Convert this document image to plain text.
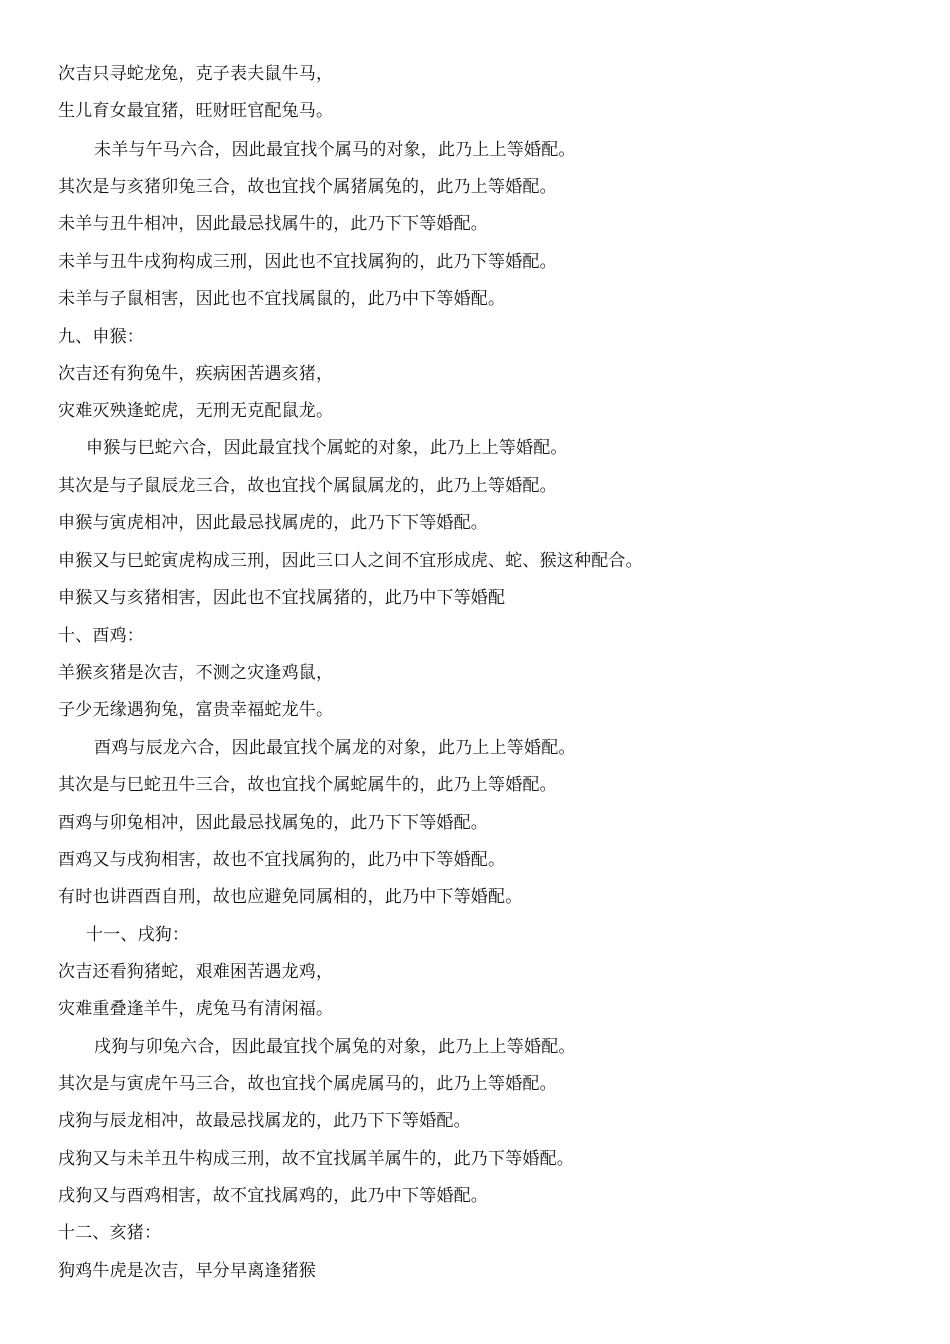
次吉只寻蛇龙兔，克子表夫鼠牛马，
生儿育女最宜猪，旺财旺官配兔马。
未羊与午马六合，因此最宜找个属马的对象，此乃上上等婚配。
其次是与亥猪卯兔三合，故也宜找个属猪属兔的，此乃上等婚配。
未羊与丑牛相冲，因此最忌找属牛的，此乃下下等婚配。
未羊与丑牛戌狗构成三刑，因此也不宜找属狗的，此乃下等婚配。
未羊与子鼠相害，因此也不宜找属鼠的，此乃中下等婚配。
九、申猴：
次吉还有狗兔牛，疾病困苦遇亥猪，
灾难灭殃逢蛇虎，无刑无克配鼠龙。
申猴与巳蛇六合，因此最宜找个属蛇的对象，此乃上上等婚配。
其次是与子鼠辰龙三合，故也宜找个属鼠属龙的，此乃上等婚配。
申猴与寅虎相冲，因此最忌找属虎的，此乃下下等婚配。
申猴又与巳蛇寅虎构成三刑，因此三口人之间不宜形成虎、蛇、猴这种配合。
申猴又与亥猪相害，因此也不宜找属猪的，此乃中下等婚配
十、酉鸡：
羊猴亥猪是次吉，不测之灾逢鸡鼠，
子少无缘遇狗兔，富贵幸福蛇龙牛。
酉鸡与辰龙六合，因此最宜找个属龙的对象，此乃上上等婚配。
其次是与巳蛇丑牛三合，故也宜找个属蛇属牛的，此乃上等婚配。
酉鸡与卯兔相冲，因此最忌找属兔的，此乃下下等婚配。
酉鸡又与戌狗相害，故也不宜找属狗的，此乃中下等婚配。
有时也讲酉酉自刑，故也应避免同属相的，此乃中下等婚配。
十一、戌狗：
次吉还看狗猪蛇，艰难困苦遇龙鸡，
灾难重叠逢羊牛，虎兔马有清闲福。
戌狗与卯兔六合，因此最宜找个属兔的对象，此乃上上等婚配。
其次是与寅虎午马三合，故也宜找个属虎属马的，此乃上等婚配。
戌狗与辰龙相冲，故最忌找属龙的，此乃下下等婚配。
戌狗又与未羊丑牛构成三刑，故不宜找属羊属牛的，此乃下等婚配。
戌狗又与酉鸡相害，故不宜找属鸡的，此乃中下等婚配。
十二、亥猪：
狗鸡牛虎是次吉，早分早离逢猪猴
